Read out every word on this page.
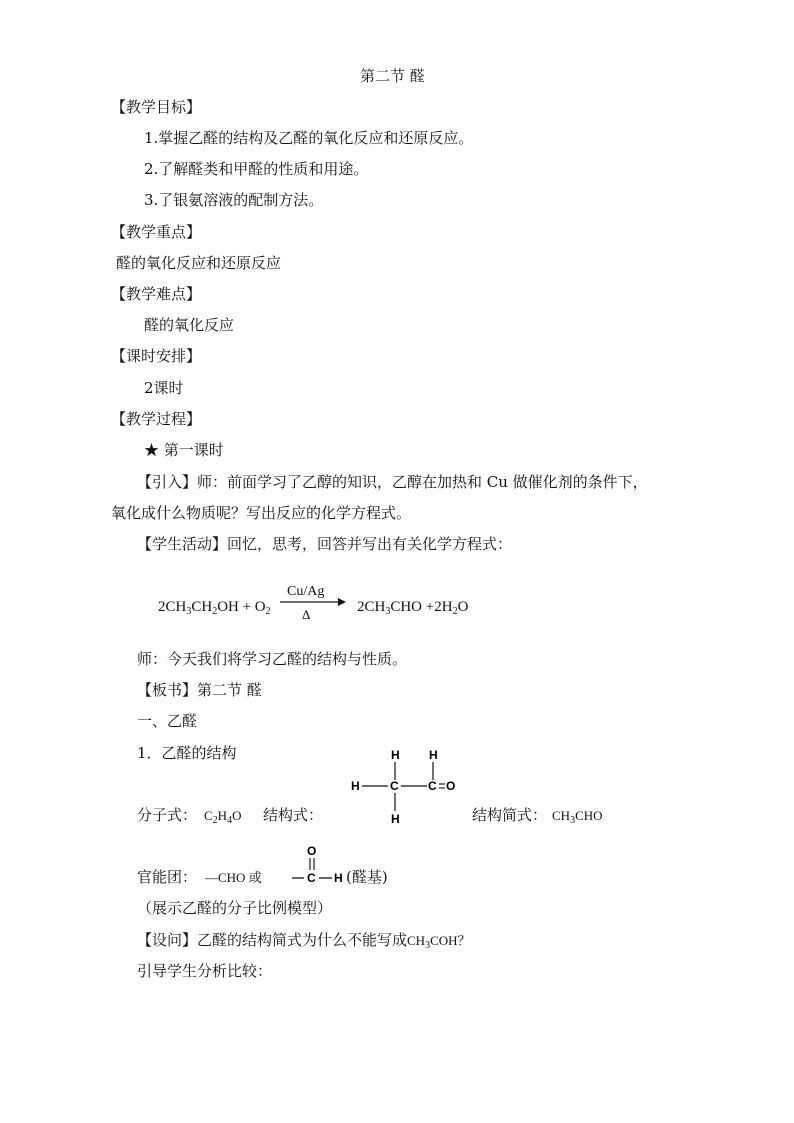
第二节 醛
【教学目标】
1.掌握乙醛的结构及乙醛的氧化反应和还原反应。
2.了解醛类和甲醛的性质和用途。
3.了银氨溶液的配制方法。
【教学重点】
醛的氧化反应和还原反应
【教学难点】
醛的氧化反应
【课时安排】
2课时
【教学过程】
★ 第一课时
【引入】师：前面学习了乙醇的知识，乙醇在加热和 Cu 做催化剂的条件下，
氧化成什么物质呢？写出反应的化学方程式。
【学生活动】回忆，思考，回答并写出有关化学方程式：
$2CH_3CH_2OH + O_2$
Cu/Ag
Δ	$2CH_3CHO +2H_2O$
师：今天我们将学习乙醛的结构与性质。
【板书】第二节 醛
一、乙醛
1．乙醛的结构
分子式： $C_2H_4O$ 结构式：
H H
H	C C
H
O
结构简式： $CH_3CHO$
官能团： —CHO 或
O
C H (醛基)
（展示乙醛的分子比例模型）
【设问】乙醛的结构简式为什么不能写成$CH_3COH$？
引导学生分析比较：
